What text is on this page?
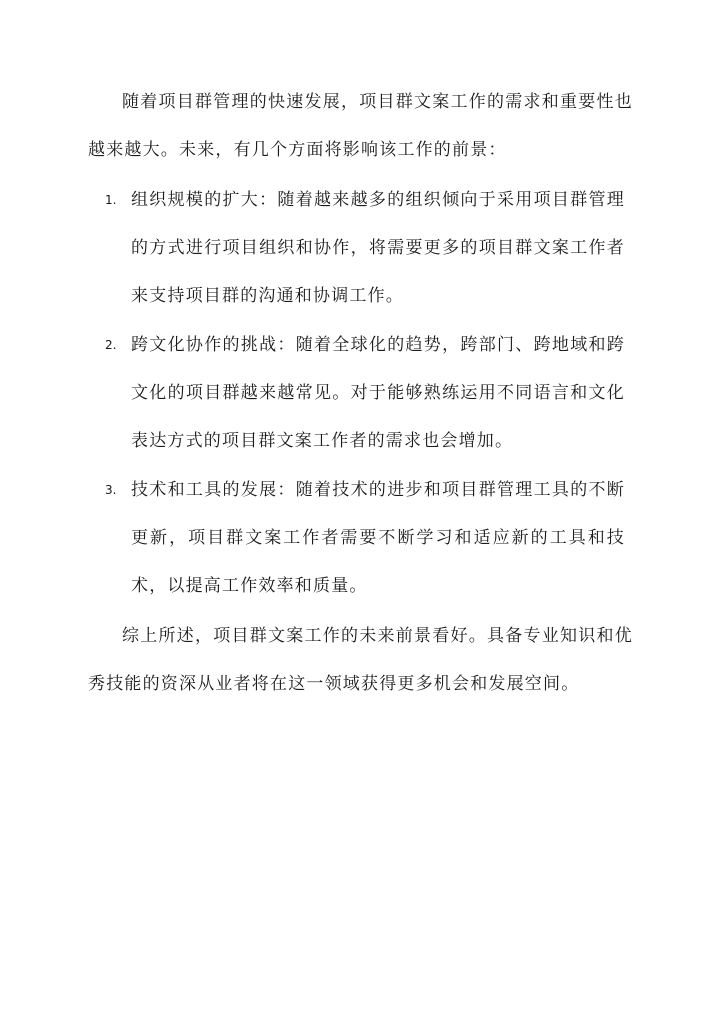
随着项目群管理的快速发展，项目群文案工作的需求和重要性也越来越大。未来，有几个方面将影响该工作的前景：

1. 组织规模的扩大：随着越来越多的组织倾向于采用项目群管理的方式进行项目组织和协作，将需要更多的项目群文案工作者来支持项目群的沟通和协调工作。
2. 跨文化协作的挑战：随着全球化的趋势，跨部门、跨地域和跨文化的项目群越来越常见。对于能够熟练运用不同语言和文化表达方式的项目群文案工作者的需求也会增加。
3. 技术和工具的发展：随着技术的进步和项目群管理工具的不断更新，项目群文案工作者需要不断学习和适应新的工具和技术，以提高工作效率和质量。

综上所述，项目群文案工作的未来前景看好。具备专业知识和优秀技能的资深从业者将在这一领域获得更多机会和发展空间。
